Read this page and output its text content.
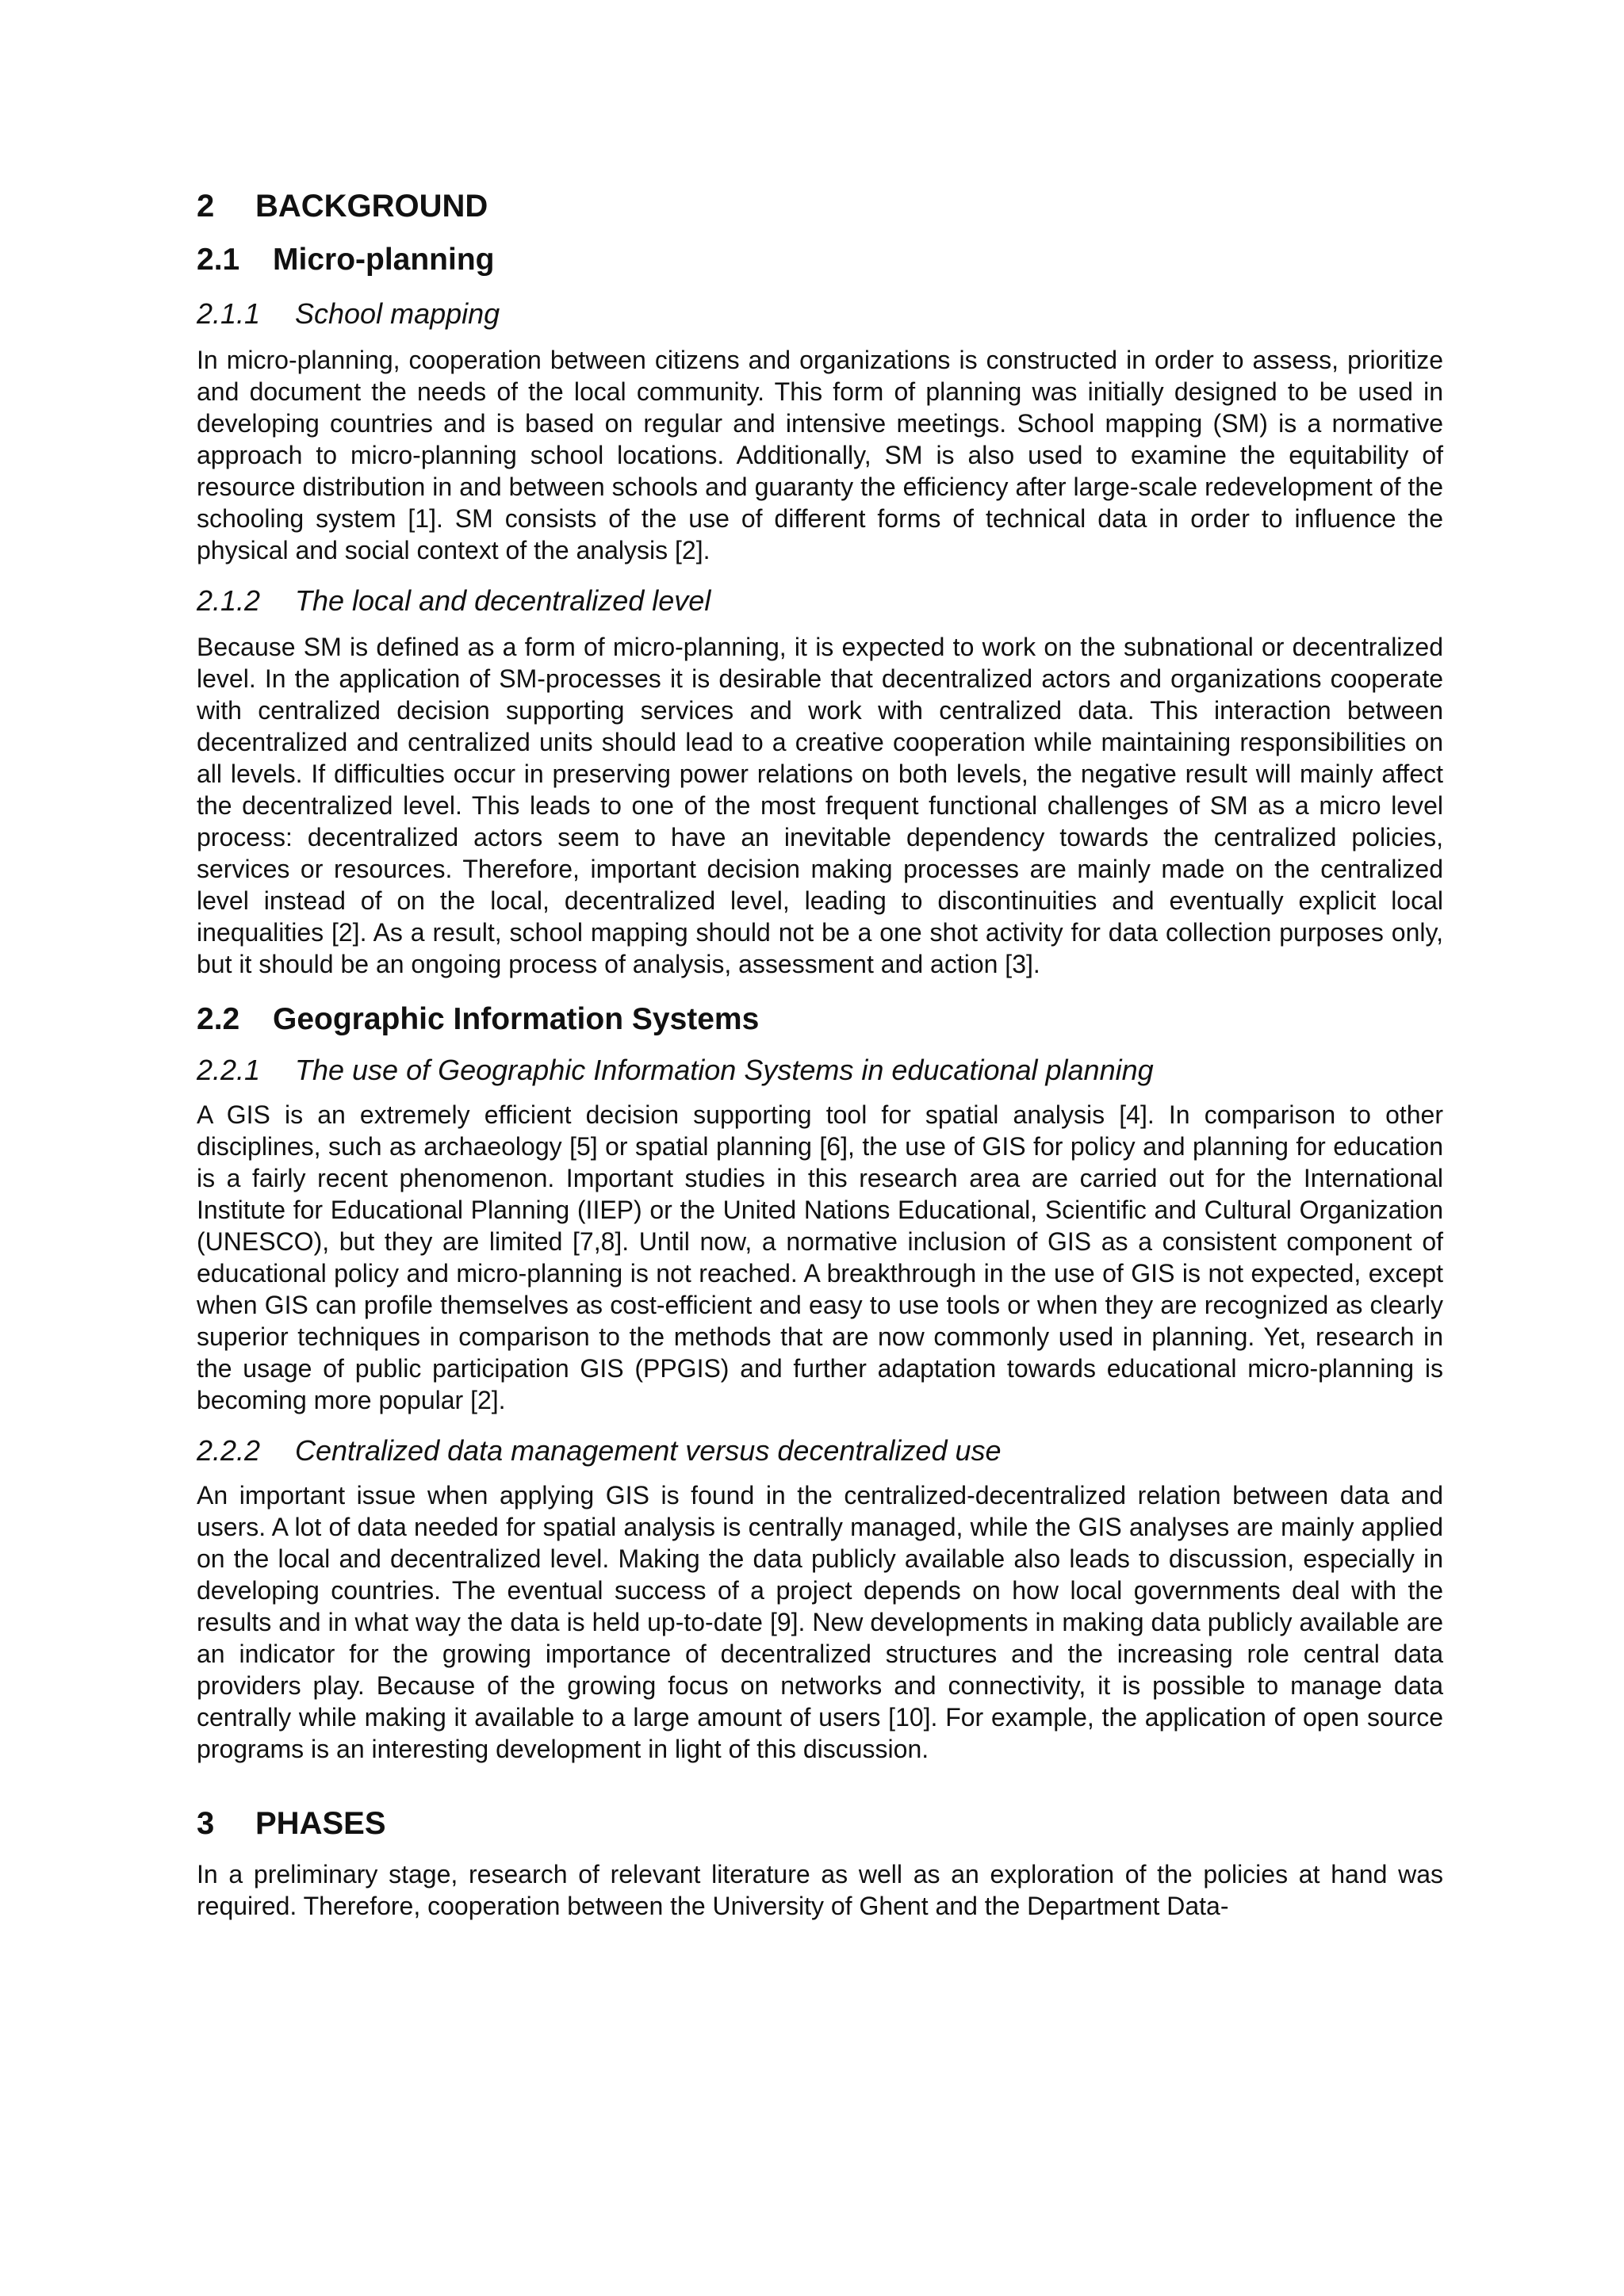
2	BACKGROUND
2.1	Micro-planning
2.1.1	School mapping

In micro-planning, cooperation between citizens and organizations is constructed in order to assess, prioritize and document the needs of the local community. This form of planning was initially designed to be used in developing countries and is based on regular and intensive meetings. School mapping (SM) is a normative approach to micro-planning school locations. Additionally, SM is also used to examine the equitability of resource distribution in and between schools and guaranty the efficiency after large-scale redevelopment of the schooling system [1]. SM consists of the use of different forms of technical data in order to influence the physical and social context of the analysis [2].

2.1.2	The local and decentralized level

Because SM is defined as a form of micro-planning, it is expected to work on the subnational or decentralized level. In the application of SM-processes it is desirable that decentralized actors and organizations cooperate with centralized decision supporting services and work with centralized data. This interaction between decentralized and centralized units should lead to a creative cooperation while maintaining responsibilities on all levels. If difficulties occur in preserving power relations on both levels, the negative result will mainly affect the decentralized level. This leads to one of the most frequent functional challenges of SM as a micro level process: decentralized actors seem to have an inevitable dependency towards the centralized policies, services or resources. Therefore, important decision making processes are mainly made on the centralized level instead of on the local, decentralized level, leading to discontinuities and eventually explicit local inequalities [2]. As a result, school mapping should not be a one shot activity for data collection purposes only, but it should be an ongoing process of analysis, assessment and action [3].

2.2	Geographic Information Systems
2.2.1	The use of Geographic Information Systems in educational planning

A GIS is an extremely efficient decision supporting tool for spatial analysis [4]. In comparison to other disciplines, such as archaeology [5] or spatial planning [6], the use of GIS for policy and planning for education is a fairly recent phenomenon. Important studies in this research area are carried out for the International Institute for Educational Planning (IIEP) or the United Nations Educational, Scientific and Cultural Organization (UNESCO), but they are limited [7,8]. Until now, a normative inclusion of GIS as a consistent component of educational policy and micro-planning is not reached. A breakthrough in the use of GIS is not expected, except when GIS can profile themselves as cost-efficient and easy to use tools or when they are recognized as clearly superior techniques in comparison to the methods that are now commonly used in planning. Yet, research in the usage of public participation GIS (PPGIS) and further adaptation towards educational micro-planning is becoming more popular [2].

2.2.2	Centralized data management versus decentralized use

An important issue when applying GIS is found in the centralized-decentralized relation between data and users. A lot of data needed for spatial analysis is centrally managed, while the GIS analyses are mainly applied on the local and decentralized level. Making the data publicly available also leads to discussion, especially in developing countries. The eventual success of a project depends on how local governments deal with the results and in what way the data is held up-to-date [9]. New developments in making data publicly available are an indicator for the growing importance of decentralized structures and the increasing role central data providers play. Because of the growing focus on networks and connectivity, it is possible to manage data centrally while making it available to a large amount of users [10]. For example, the application of open source programs is an interesting development in light of this discussion.

3	PHASES

In a preliminary stage, research of relevant literature as well as an exploration of the policies at hand was required. Therefore, cooperation between the University of Ghent and the Department Data-
